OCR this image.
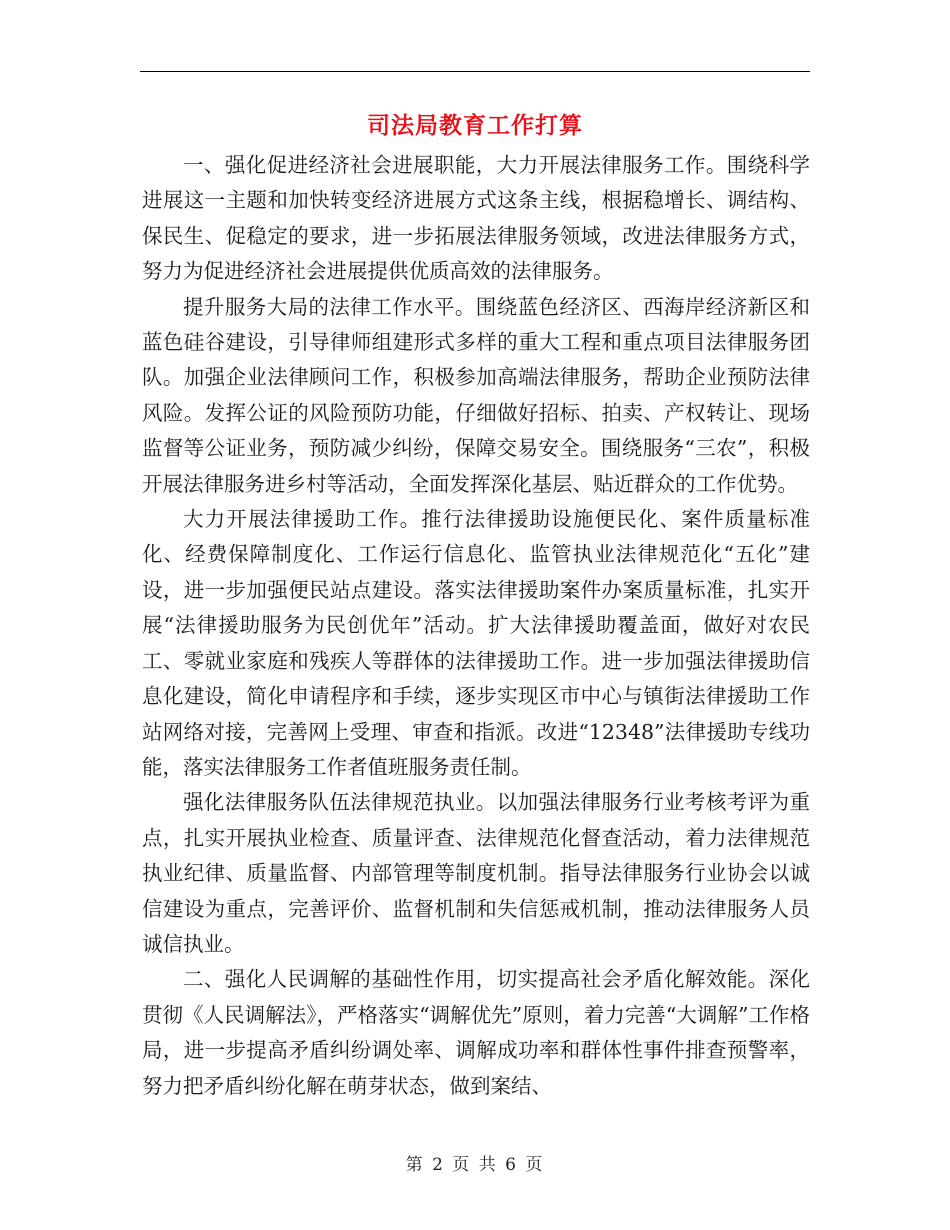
司法局教育工作打算

一、强化促进经济社会进展职能，大力开展法律服务工作。围绕科学进展这一主题和加快转变经济进展方式这条主线，根据稳增长、调结构、保民生、促稳定的要求，进一步拓展法律服务领域，改进法律服务方式，努力为促进经济社会进展提供优质高效的法律服务。

提升服务大局的法律工作水平。围绕蓝色经济区、西海岸经济新区和蓝色硅谷建设，引导律师组建形式多样的重大工程和重点项目法律服务团队。加强企业法律顾问工作，积极参加高端法律服务，帮助企业预防法律风险。发挥公证的风险预防功能，仔细做好招标、拍卖、产权转让、现场监督等公证业务，预防减少纠纷，保障交易安全。围绕服务“三农”，积极开展法律服务进乡村等活动，全面发挥深化基层、贴近群众的工作优势。

大力开展法律援助工作。推行法律援助设施便民化、案件质量标准化、经费保障制度化、工作运行信息化、监管执业法律规范化“五化”建设，进一步加强便民站点建设。落实法律援助案件办案质量标准，扎实开展“法律援助服务为民创优年”活动。扩大法律援助覆盖面，做好对农民工、零就业家庭和残疾人等群体的法律援助工作。进一步加强法律援助信息化建设，简化申请程序和手续，逐步实现区市中心与镇街法律援助工作站网络对接，完善网上受理、审查和指派。改进“12348”法律援助专线功能，落实法律服务工作者值班服务责任制。

强化法律服务队伍法律规范执业。以加强法律服务行业考核考评为重点，扎实开展执业检查、质量评查、法律规范化督查活动，着力法律规范执业纪律、质量监督、内部管理等制度机制。指导法律服务行业协会以诚信建设为重点，完善评价、监督机制和失信惩戒机制，推动法律服务人员诚信执业。

二、强化人民调解的基础性作用，切实提高社会矛盾化解效能。深化贯彻《人民调解法》，严格落实“调解优先”原则，着力完善“大调解”工作格局，进一步提高矛盾纠纷调处率、调解成功率和群体性事件排查预警率，努力把矛盾纠纷化解在萌芽状态，做到案结、

第 2 页 共 6 页
